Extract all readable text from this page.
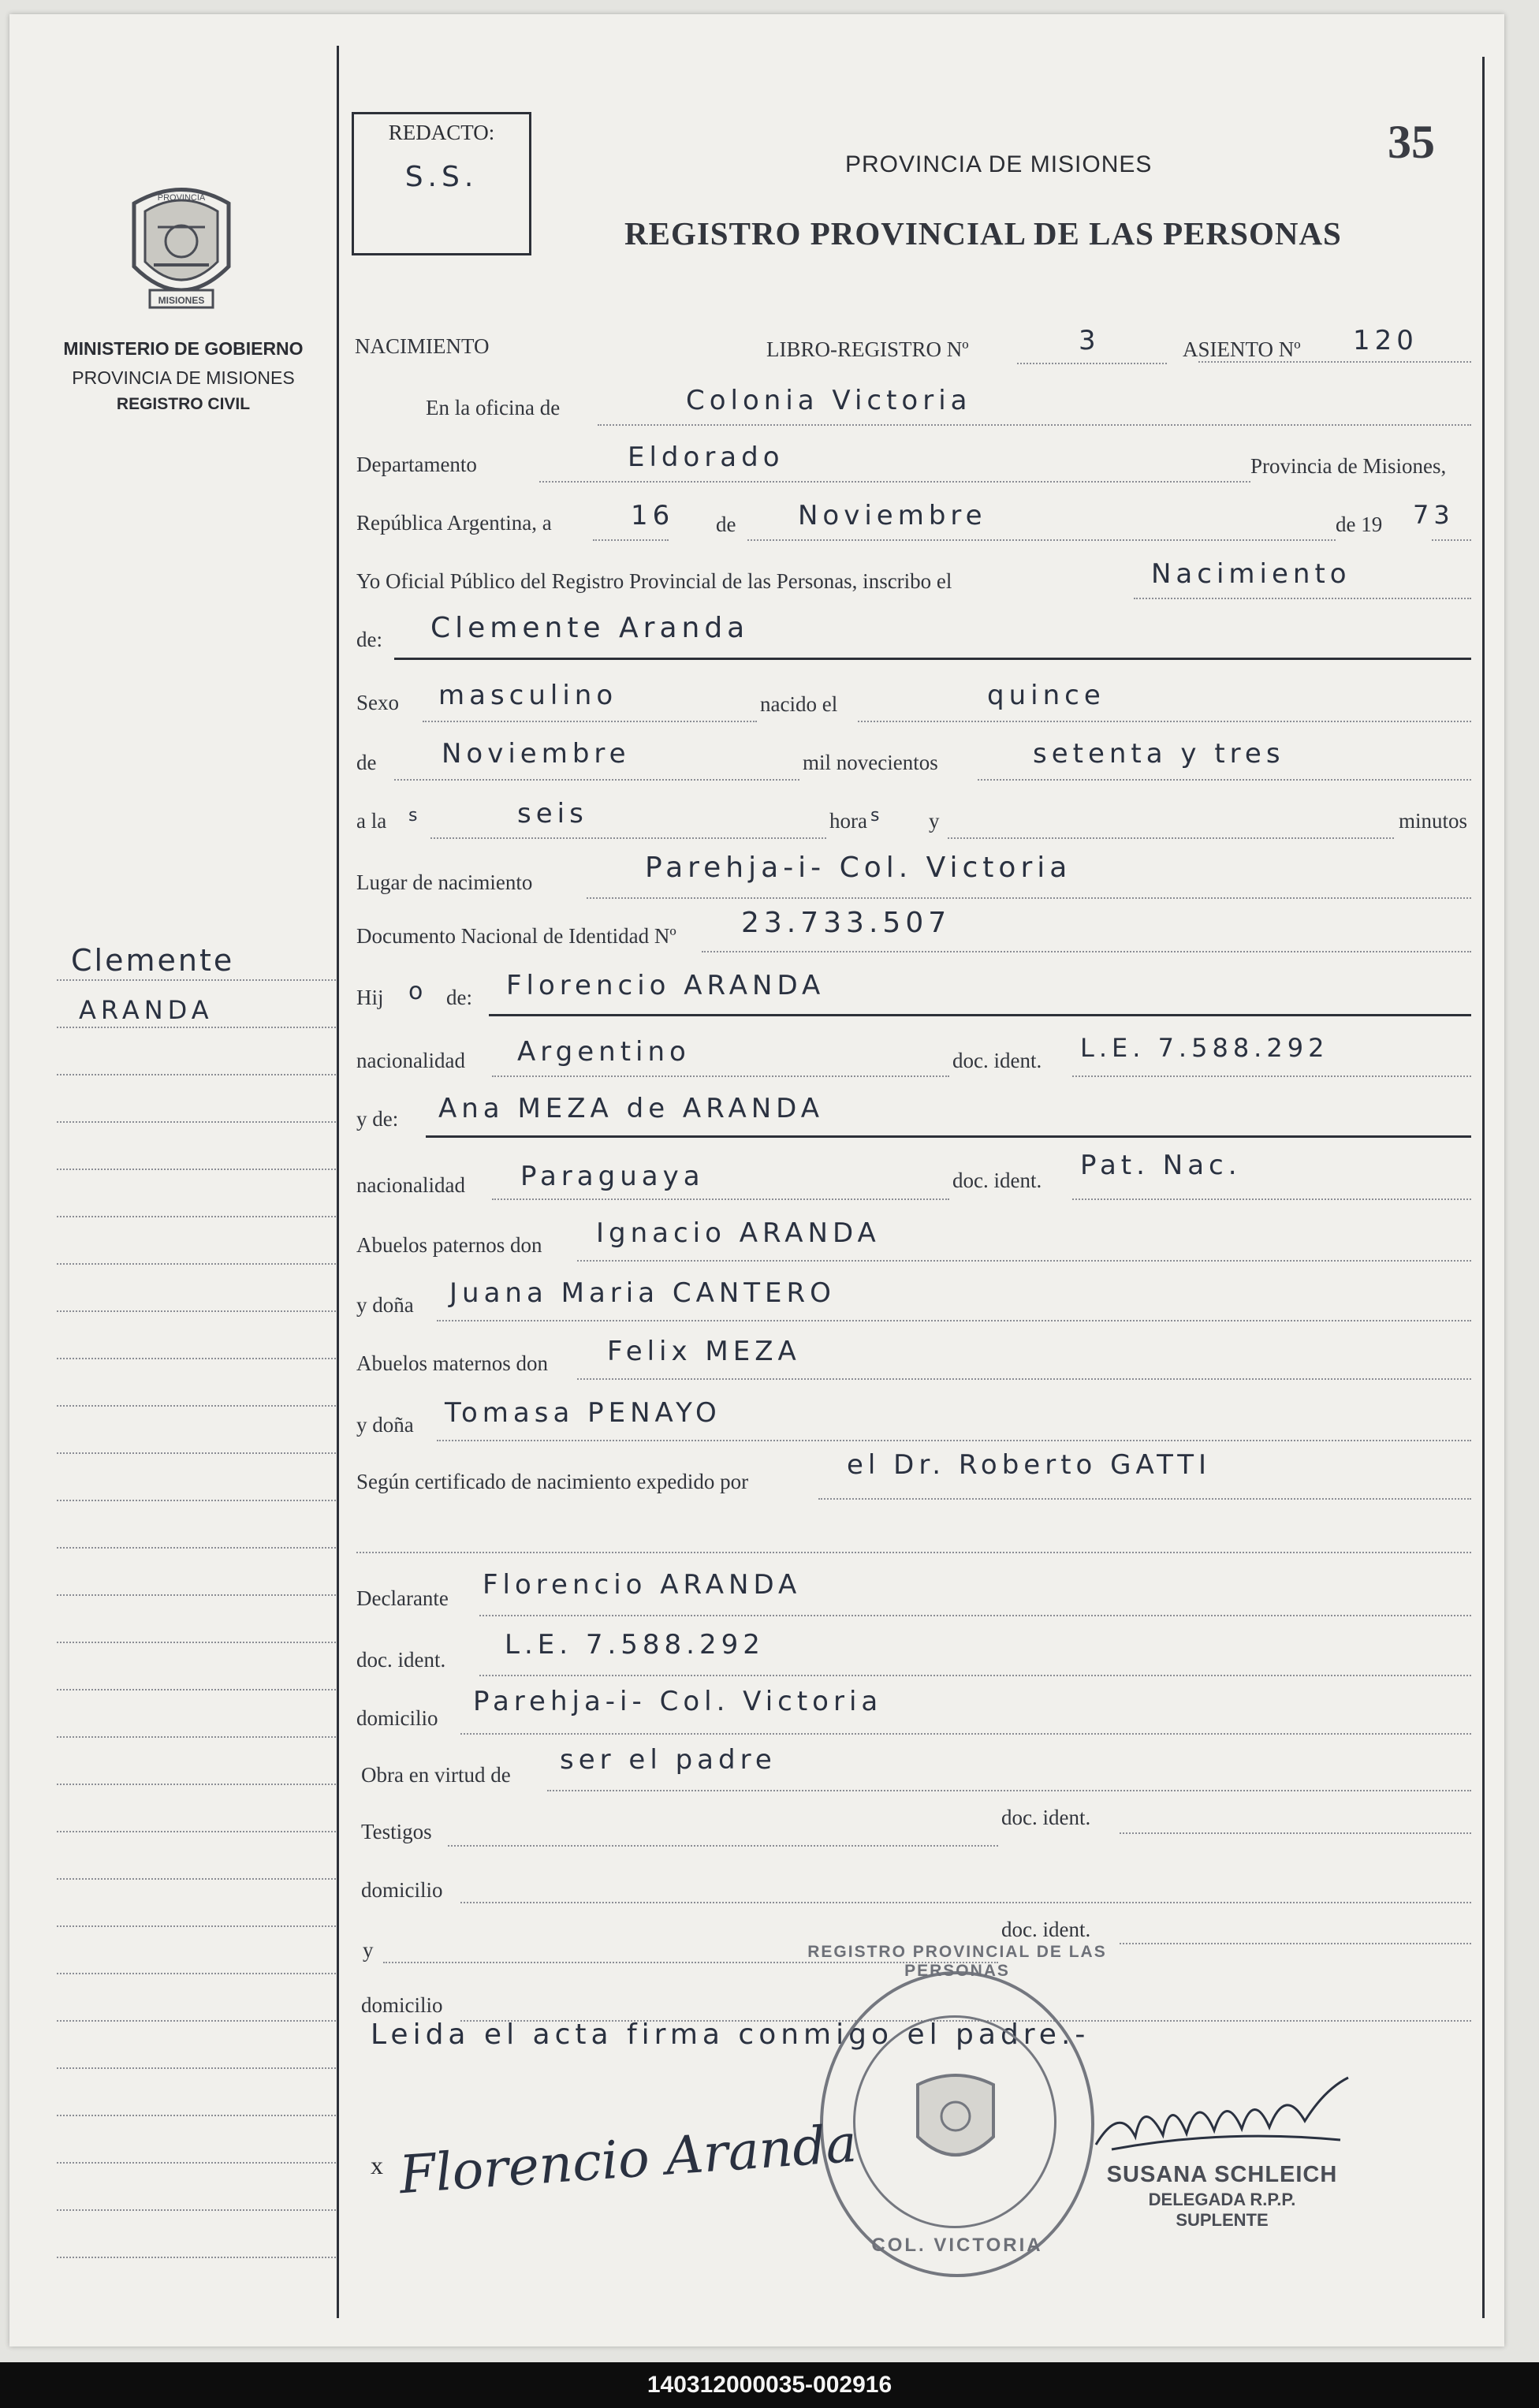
PROVINCIA
MISIONES
MINISTERIO DE GOBIERNO
PROVINCIA DE MISIONES
REGISTRO CIVIL
Clemente
ARANDA
REDACTO:
S.S.
35
PROVINCIA DE MISIONES
REGISTRO PROVINCIAL DE LAS PERSONAS
NACIMIENTO	LIBRO-REGISTRO Nº	3	ASIENTO Nº 120
En la oficina de	Colonia Victoria
Departamento	Eldorado	Provincia de Misiones,
República Argentina, a	16 de Noviembre	de 19 73
Yo Oficial Público del Registro Provincial de las Personas, inscribo el	Nacimiento
de: Clemente Aranda
Sexo masculino	nacido el	quince
de Noviembre	mil novecientos	setenta y tres
a la s	seis	hora s y	minutos
Lugar de nacimiento	Parehja-i- Col. Victoria
Documento Nacional de Identidad Nº 23.733.507
Hij o de: Florencio ARANDA
nacionalidad Argentino	doc. ident. L.E. 7.588.292
y de: Ana MEZA de ARANDA
nacionalidad Paraguaya	doc. ident. Pat. Nac.
Abuelos paternos don Ignacio ARANDA
y doña Juana Maria CANTERO
Abuelos maternos don Felix MEZA
y doña Tomasa PENAYO
Según certificado de nacimiento expedido por
el Dr. Roberto GATTI
Declarante Florencio ARANDA
doc. ident. L.E. 7.588.292
domicilio
Parehja-i- Col. Victoria
Obra en virtud de ser el padre
Testigos
doc. ident.
domicilio
y
doc. ident.
domicilio
Leida el acta firma conmigo el padre.-
REGISTRO PROVINCIAL DE LAS PERSONAS
COL. VICTORIA
x Florencio Aranda	SUSANA SCHLEICH
DELEGADA R.P.P.
SUPLENTE
140312000035-002916
